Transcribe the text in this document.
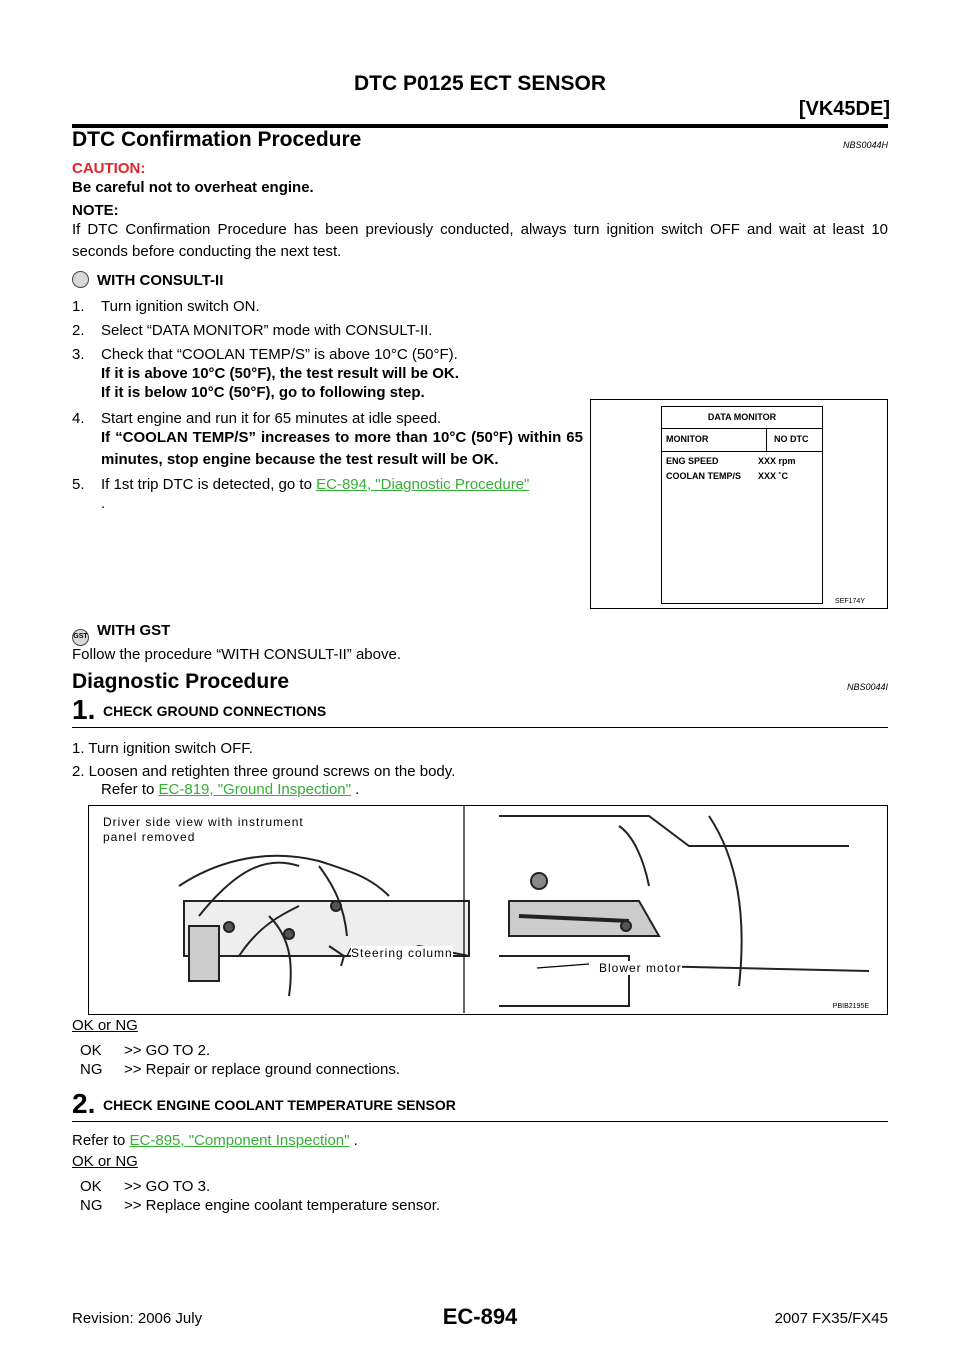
DTC P0125 ECT SENSOR
[VK45DE]
DTC Confirmation Procedure	NBS0044H
CAUTION:
Be careful not to overheat engine.
NOTE:
If DTC Confirmation Procedure has been previously conducted, always turn ignition switch OFF and wait at least 10 seconds before conducting the next test.
WITH CONSULT-II
1. Turn ignition switch ON.
2. Select “DATA MONITOR” mode with CONSULT-II.
3. Check that “COOLAN TEMP/S” is above 10°C (50°F).
If it is above 10°C (50°F), the test result will be OK.
If it is below 10°C (50°F), go to following step.
4. Start engine and run it for 65 minutes at idle speed.
If “COOLAN TEMP/S” increases to more than 10°C (50°F) within 65 minutes, stop engine because the test result will be OK.
5. If 1st trip DTC is detected, go to EC-894, "Diagnostic Procedure"
.
DATA MONITOR
MONITOR	NO DTC
ENG SPEED	XXX rpm
COOLAN TEMP/S XXX ˚C
SEF174Y
GST WITH GST
Follow the procedure “WITH CONSULT-II” above.
Diagnostic Procedure	NBS0044I
1. CHECK GROUND CONNECTIONS
1. Turn ignition switch OFF.
2. Loosen and retighten three ground screws on the body.
Refer to EC-819, "Ground Inspection" .
Driver side view with instrument
panel removed
Steering column
Blower motor
PBIB2195E
OK or NG
OK >> GO TO 2.
NG >> Repair or replace ground connections.
2. CHECK ENGINE COOLANT TEMPERATURE SENSOR
Refer to EC-895, "Component Inspection" .
OK or NG
OK >> GO TO 3.
NG >> Replace engine coolant temperature sensor.
Revision: 2006 July	EC-894	2007 FX35/FX45
